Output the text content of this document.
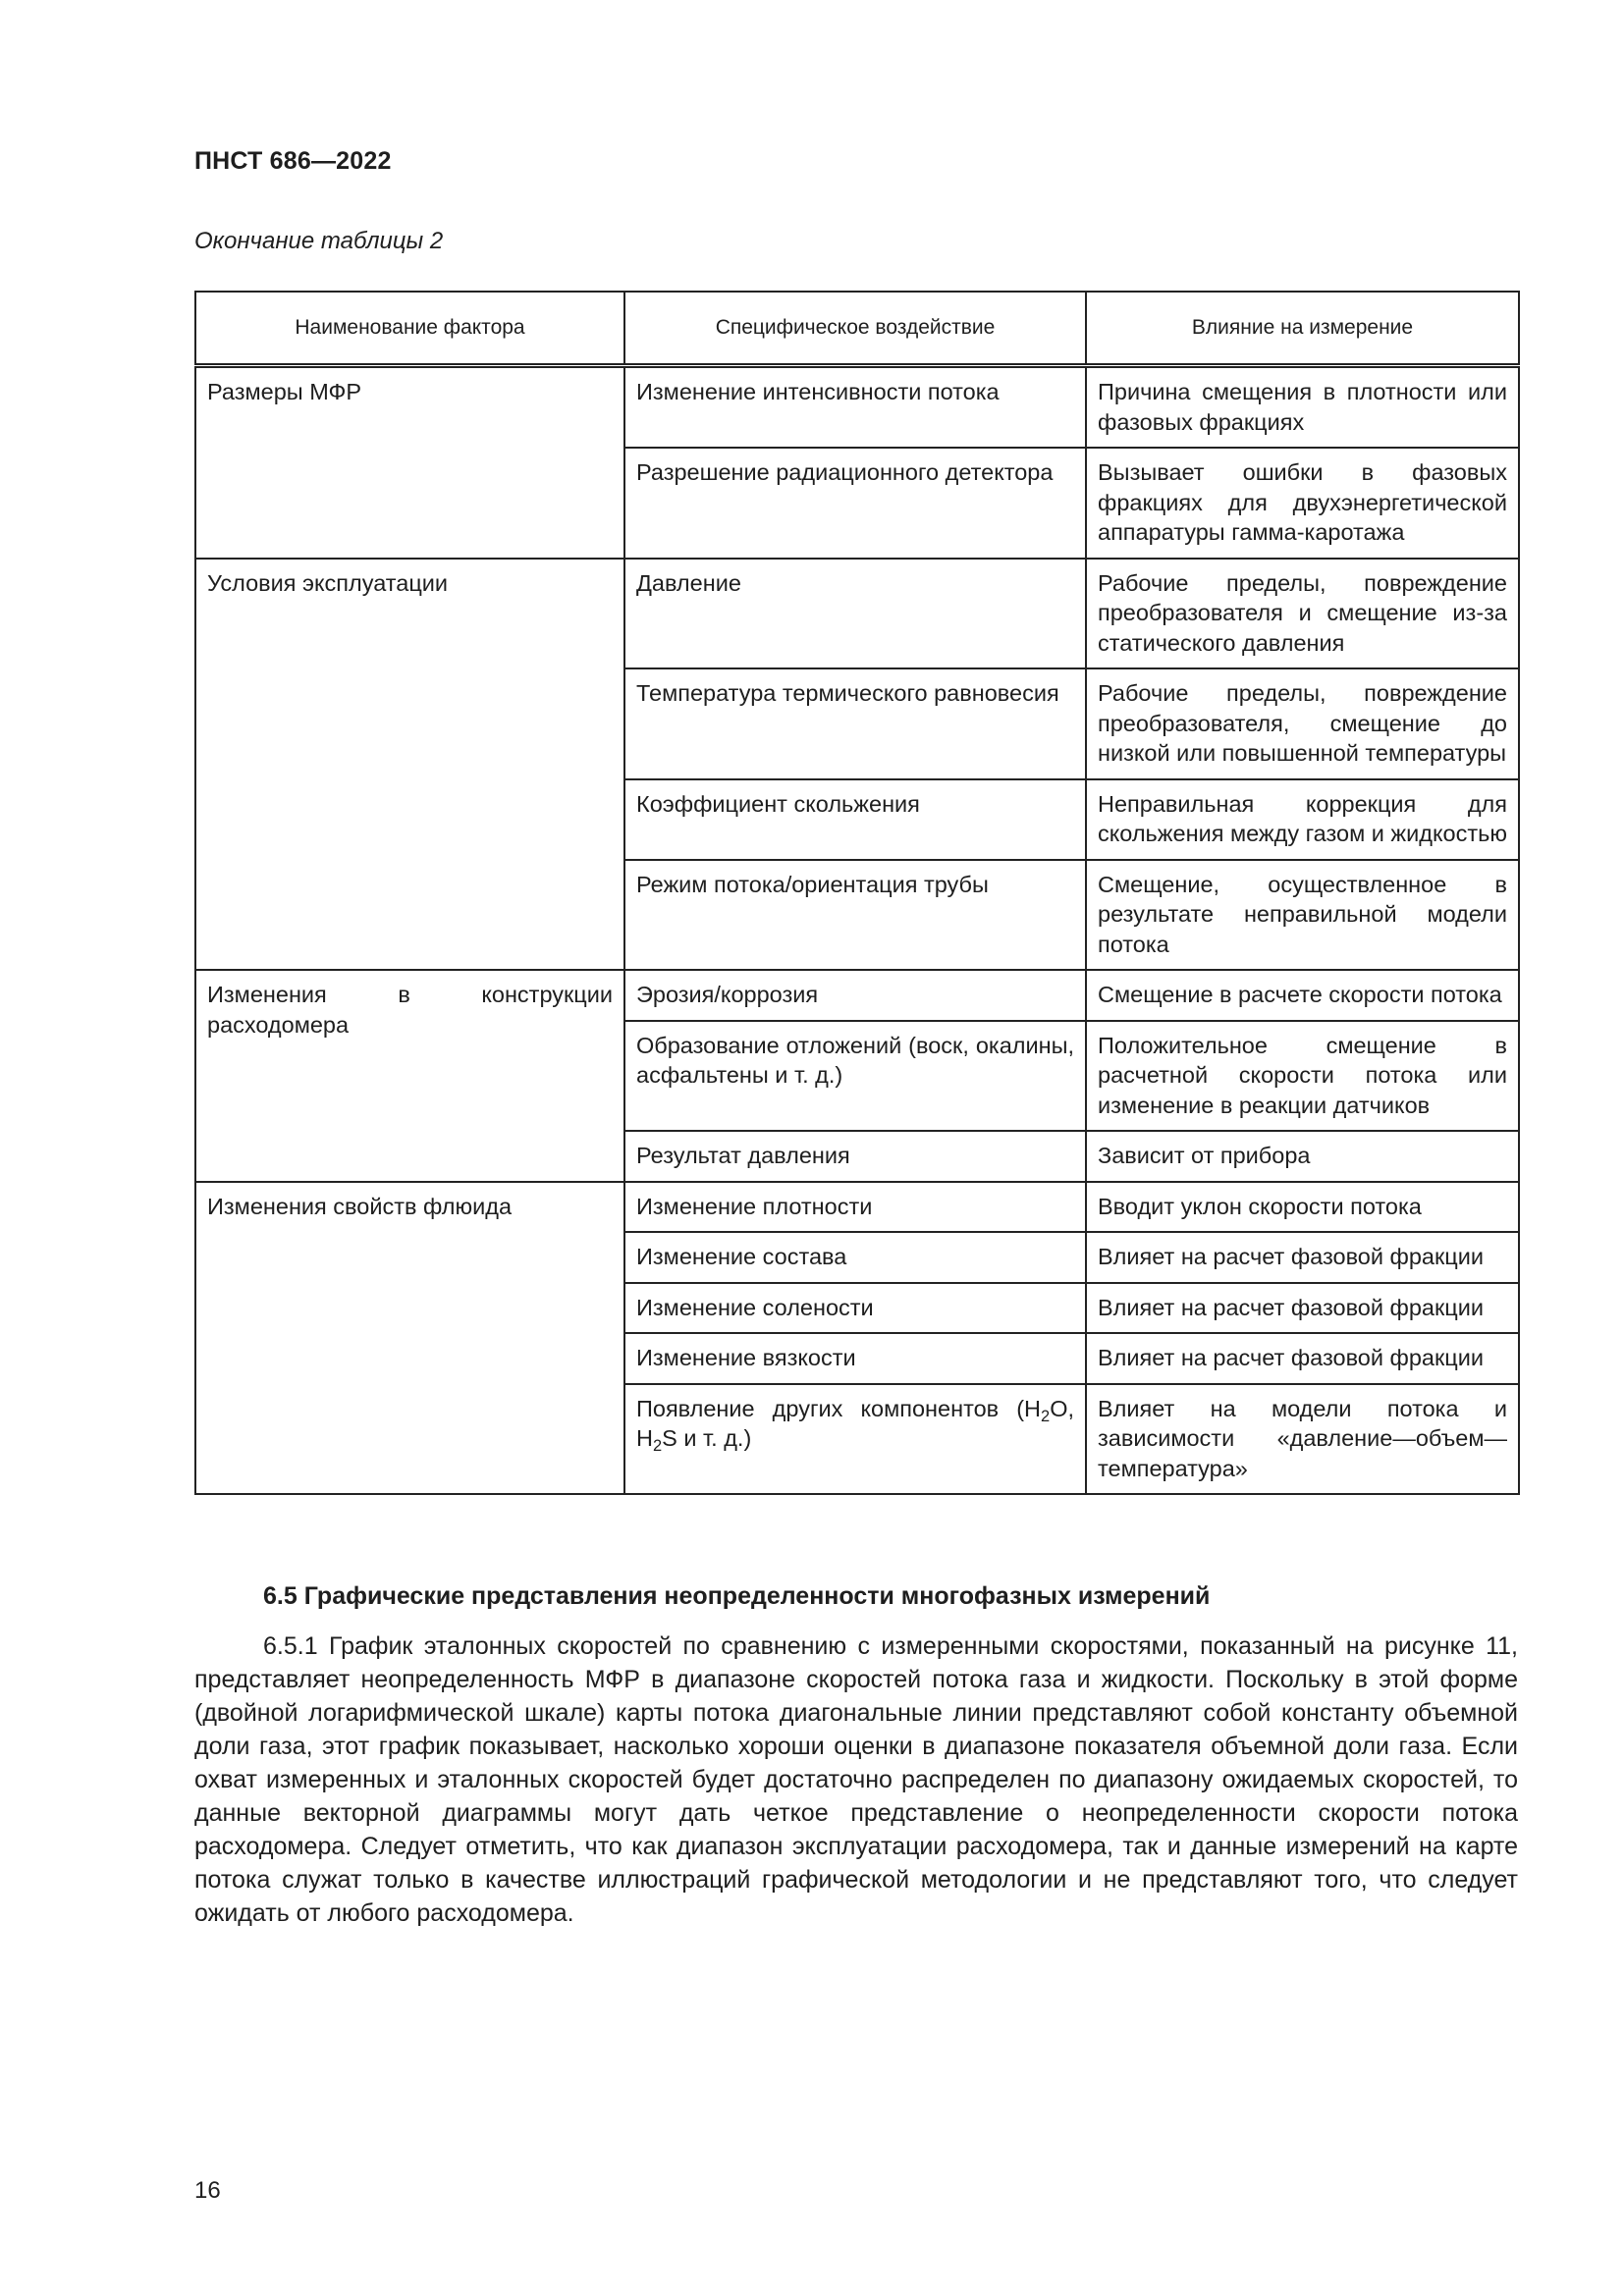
ПНСТ 686—2022
Окончание таблицы 2
Наименование фактора	Специфическое воздействие	Влияние на измерение
Размеры МФР	Изменение интенсивности потока	Причина смещения в плотности или фазовых фракциях
	Разрешение радиационного детектора	Вызывает ошибки в фазовых фракциях для двухэнергетической аппаратуры гамма-каротажа
Условия эксплуатации	Давление	Рабочие пределы, повреждение преобразователя и смещение из-за статического давления
	Температура термического равновесия	Рабочие пределы, повреждение преобразователя, смещение до низкой или повышенной температуры
	Коэффициент скольжения	Неправильная коррекция для скольжения между газом и жидкостью
	Режим потока/ориентация трубы	Смещение, осуществленное в результате неправильной модели потока

Изменения в конструкции расходомера	Эрозия/коррозия	Смещение в расчете скорости потока
	Образование отложений (воск, окалины, асфальтены и т. д.)	Положительное смещение в расчетной скорости потока или изменение в реакции датчиков
	Результат давления	Зависит от прибора
Изменения свойств флюида	Изменение плотности	Вводит уклон скорости потока
	Изменение состава	Влияет на расчет фазовой фракции
	Изменение солености	Влияет на расчет фазовой фракции
	Изменение вязкости	Влияет на расчет фазовой фракции
	Появление других компонентов ($H_2O$, $H_2S$ и т. д.)	Влияет на модели потока и зависимости «давление—объем—температура»
6.5 Графические представления неопределенности многофазных измерений
6.5.1 График эталонных скоростей по сравнению с измеренными скоростями, показанный на рисунке 11, представляет неопределенность МФР в диапазоне скоростей потока газа и жидкости. Поскольку в этой форме (двойной логарифмической шкале) карты потока диагональные линии представляют собой константу объемной доли газа, этот график показывает, насколько хороши оценки в диапазоне показателя объемной доли газа. Если охват измеренных и эталонных скоростей будет достаточно распределен по диапазону ожидаемых скоростей, то данные векторной диаграммы могут дать четкое представление о неопределенности скорости потока расходомера. Следует отметить, что как диапазон эксплуатации расходомера, так и данные измерений на карте потока служат только в качестве иллюстраций графической методологии и не представляют того, что следует ожидать от любого расходомера.
16
